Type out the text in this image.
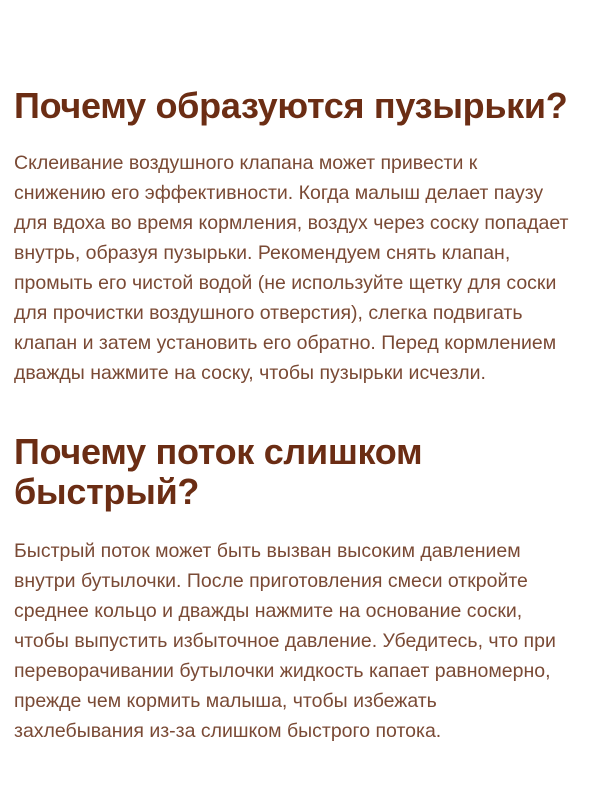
Почему образуются пузырьки?

Склеивание воздушного клапана может привести к
снижению его эффективности. Когда малыш делает паузу
для вдоха во время кормления, воздух через соску попадает
внутрь, образуя пузырьки. Рекомендуем снять клапан,
промыть его чистой водой (не используйте щетку для соски
для прочистки воздушного отверстия), слегка подвигать
клапан и затем установить его обратно. Перед кормлением
дважды нажмите на соску, чтобы пузырьки исчезли.

Почему поток слишком
быстрый?

Быстрый поток может быть вызван высоким давлением
внутри бутылочки. После приготовления смеси откройте
среднее кольцо и дважды нажмите на основание соски,
чтобы выпустить избыточное давление. Убедитесь, что при
переворачивании бутылочки жидкость капает равномерно,
прежде чем кормить малыша, чтобы избежать
захлебывания из-за слишком быстрого потока.
